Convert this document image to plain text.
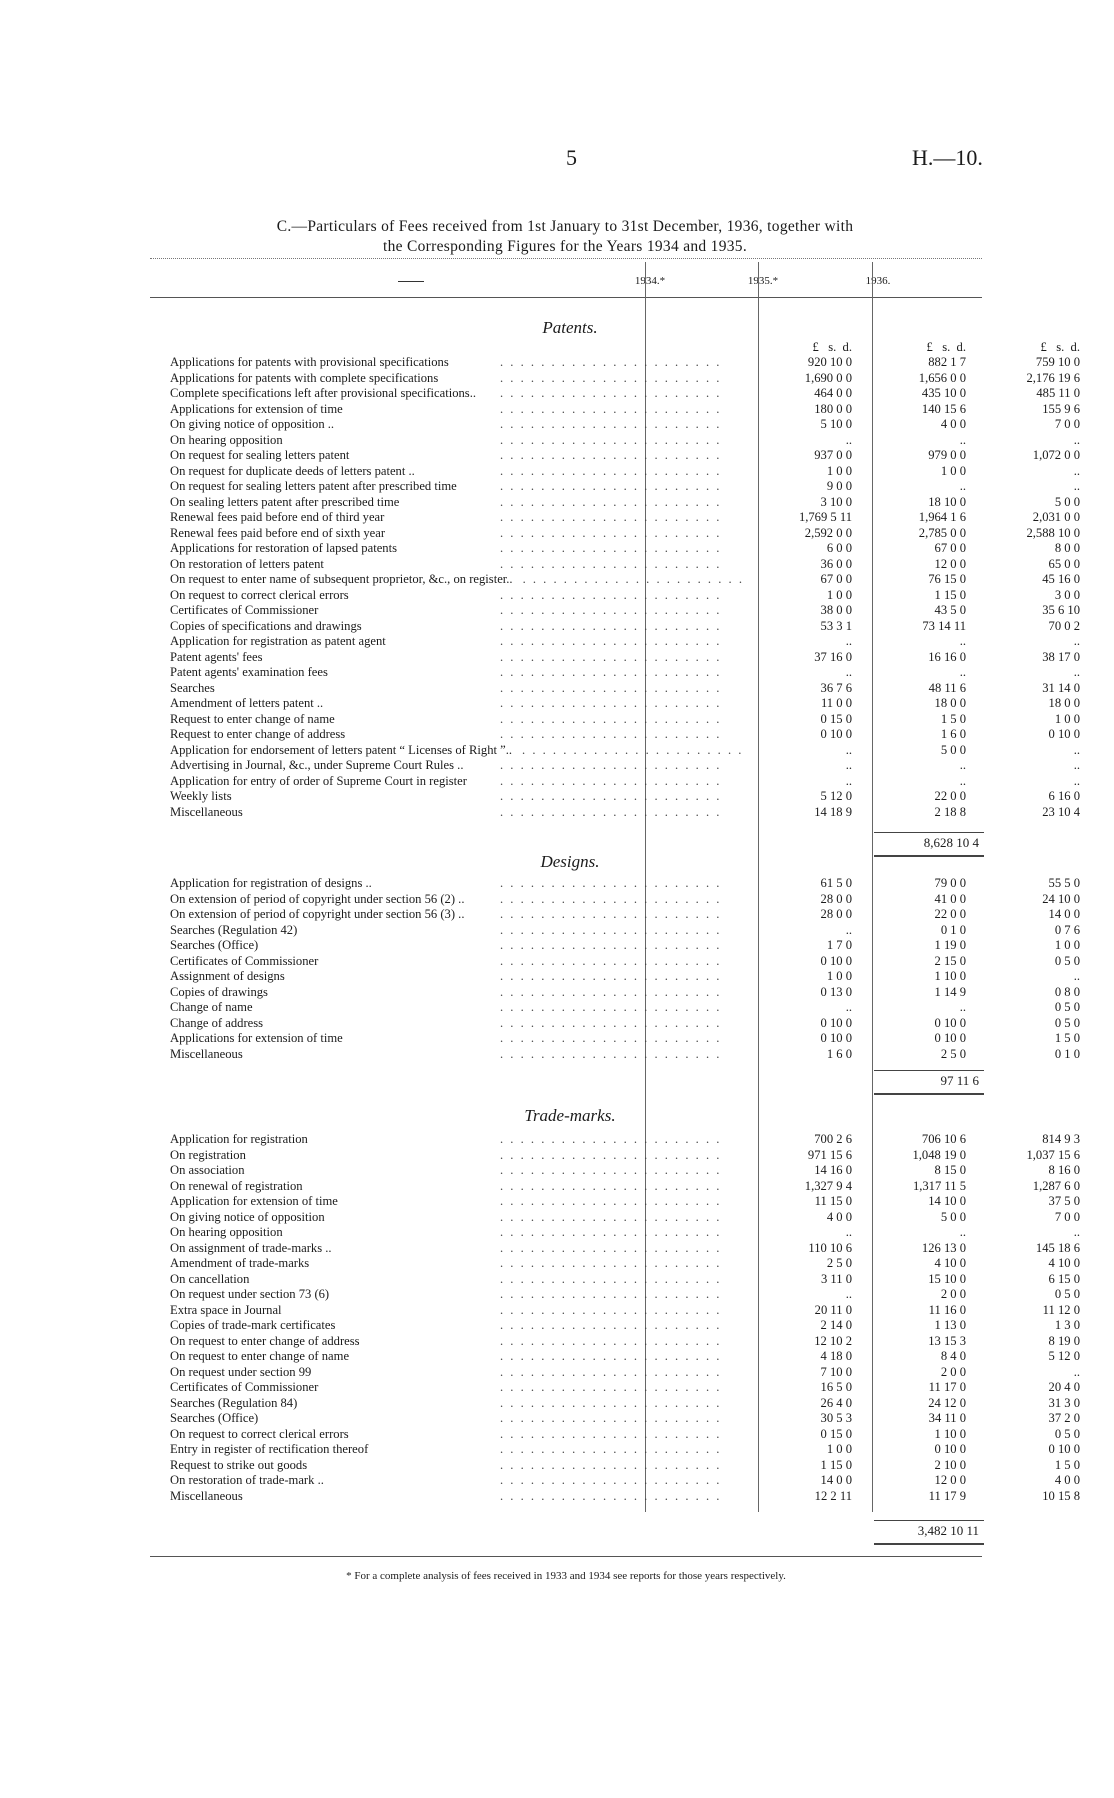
5	H.—10.
C.—Particulars of Fees received from 1st January to 31st December, 1936, together with
the Corresponding Figures for the Years 1934 and 1935.
1934.*	1935.*	1936.
Patents.
£ s. d.	£ s. d.	£ s. d.
Applications for patents with provisional specifications	. . . . . . . . . . . . . . . . . . . . . .	920 10 0	882 1 7	759 10 0
Applications for patents with complete specifications	. . . . . . . . . . . . . . . . . . . . . .	1,690 0 0	1,656 0 0	2,176 19 6
Complete specifications left after provisional specifications.. . . . . . . . . . . . . . . . . . . . . . .	464 0 0	435 10 0	485 11 0
Applications for extension of time	. . . . . . . . . . . . . . . . . . . . . .	180 0 0	140 15 6	155 9 6
On giving notice of opposition ..	. . . . . . . . . . . . . . . . . . . . . .	5 10 0	4 0 0	7 0 0
On hearing opposition	. . . . . . . . . . . . . . . . . . . . . .	..	..	..
On request for sealing letters patent	. . . . . . . . . . . . . . . . . . . . . .	937 0 0	979 0 0	1,072 0 0
On request for duplicate deeds of letters patent ..	. . . . . . . . . . . . . . . . . . . . . .	1 0 0	1 0 0	..
On request for sealing letters patent after prescribed time	. . . . . . . . . . . . . . . . . . . . . .	9 0 0	..	..
On sealing letters patent after prescribed time	. . . . . . . . . . . . . . . . . . . . . .	3 10 0	18 10 0	5 0 0
Renewal fees paid before end of third year	. . . . . . . . . . . . . . . . . . . . . .	1,769 5 11	1,964 1 6	2,031 0 0
Renewal fees paid before end of sixth year	. . . . . . . . . . . . . . . . . . . . . .	2,592 0 0	2,785 0 0	2,588 10 0
Applications for restoration of lapsed patents	. . . . . . . . . . . . . . . . . . . . . .	6 0 0	67 0 0	8 0 0
On restoration of letters patent	. . . . . . . . . . . . . . . . . . . . . .	36 0 0	12 0 0	65 0 0
On request to enter name of subsequent proprietor, &c., on register.. . . . . . . . . . . . . . . . . . . . . . .	67 0 0	76 15 0	45 16 0
On request to correct clerical errors	. . . . . . . . . . . . . . . . . . . . . .	1 0 0	1 15 0	3 0 0
Certificates of Commissioner	. . . . . . . . . . . . . . . . . . . . . .	38 0 0	43 5 0	35 6 10
Copies of specifications and drawings	. . . . . . . . . . . . . . . . . . . . . .	53 3 1	73 14 11	70 0 2
Application for registration as patent agent	. . . . . . . . . . . . . . . . . . . . . .	..	..	..
Patent agents' fees	. . . . . . . . . . . . . . . . . . . . . .	37 16 0	16 16 0	38 17 0
Patent agents' examination fees	. . . . . . . . . . . . . . . . . . . . . .	..	..	..
Searches	. . . . . . . . . . . . . . . . . . . . . .	36 7 6	48 11 6	31 14 0
Amendment of letters patent ..	. . . . . . . . . . . . . . . . . . . . . .	11 0 0	18 0 0	18 0 0
Request to enter change of name	. . . . . . . . . . . . . . . . . . . . . .	0 15 0	1 5 0	1 0 0
Request to enter change of address	. . . . . . . . . . . . . . . . . . . . . .	0 10 0	1 6 0	0 10 0
Application for endorsement of letters patent “ Licenses of Right ”.. . . . . . . . . . . . . . . . . . . . . . .	..	5 0 0	..
Advertising in Journal, &c., under Supreme Court Rules ..	. . . . . . . . . . . . . . . . . . . . . .	..	..	..
Application for entry of order of Supreme Court in register	. . . . . . . . . . . . . . . . . . . . . .	..	..	..
Weekly lists	. . . . . . . . . . . . . . . . . . . . . .	5 12 0	22 0 0	6 16 0
Miscellaneous	. . . . . . . . . . . . . . . . . . . . . .	14 18 9	2 18 8	23 10 4
8,628 10 4
Designs.
Application for registration of designs ..	. . . . . . . . . . . . . . . . . . . . . .	61 5 0	79 0 0	55 5 0
On extension of period of copyright under section 56 (2) ..	. . . . . . . . . . . . . . . . . . . . . .	28 0 0	41 0 0	24 10 0
On extension of period of copyright under section 56 (3) ..	. . . . . . . . . . . . . . . . . . . . . .	28 0 0	22 0 0	14 0 0
Searches (Regulation 42)	. . . . . . . . . . . . . . . . . . . . . .	..	0 1 0	0 7 6
Searches (Office)	. . . . . . . . . . . . . . . . . . . . . .	1 7 0	1 19 0	1 0 0
Certificates of Commissioner	. . . . . . . . . . . . . . . . . . . . . .	0 10 0	2 15 0	0 5 0
Assignment of designs	. . . . . . . . . . . . . . . . . . . . . .	1 0 0	1 10 0	..
Copies of drawings	. . . . . . . . . . . . . . . . . . . . . .	0 13 0	1 14 9	0 8 0
Change of name	. . . . . . . . . . . . . . . . . . . . . .	..	..	0 5 0
Change of address	. . . . . . . . . . . . . . . . . . . . . .	0 10 0	0 10 0	0 5 0
Applications for extension of time	. . . . . . . . . . . . . . . . . . . . . .	0 10 0	0 10 0	1 5 0
Miscellaneous	. . . . . . . . . . . . . . . . . . . . . .	1 6 0	2 5 0	0 1 0
97 11 6
Trade-marks.
Application for registration	. . . . . . . . . . . . . . . . . . . . . .	700 2 6	706 10 6	814 9 3
On registration	. . . . . . . . . . . . . . . . . . . . . .	971 15 6	1,048 19 0	1,037 15 6
On association	. . . . . . . . . . . . . . . . . . . . . .	14 16 0	8 15 0	8 16 0
On renewal of registration	. . . . . . . . . . . . . . . . . . . . . .	1,327 9 4	1,317 11 5	1,287 6 0
Application for extension of time	. . . . . . . . . . . . . . . . . . . . . .	11 15 0	14 10 0	37 5 0
On giving notice of opposition	. . . . . . . . . . . . . . . . . . . . . .	4 0 0	5 0 0	7 0 0
On hearing opposition	. . . . . . . . . . . . . . . . . . . . . .	..	..	..
On assignment of trade-marks ..	. . . . . . . . . . . . . . . . . . . . . .	110 10 6	126 13 0	145 18 6
Amendment of trade-marks	. . . . . . . . . . . . . . . . . . . . . .	2 5 0	4 10 0	4 10 0
On cancellation	. . . . . . . . . . . . . . . . . . . . . .	3 11 0	15 10 0	6 15 0
On request under section 73 (6)	. . . . . . . . . . . . . . . . . . . . . .	..	2 0 0	0 5 0
Extra space in Journal	. . . . . . . . . . . . . . . . . . . . . .	20 11 0	11 16 0	11 12 0
Copies of trade-mark certificates	. . . . . . . . . . . . . . . . . . . . . .	2 14 0	1 13 0	1 3 0
On request to enter change of address	. . . . . . . . . . . . . . . . . . . . . .	12 10 2	13 15 3	8 19 0
On request to enter change of name	. . . . . . . . . . . . . . . . . . . . . .	4 18 0	8 4 0	5 12 0
On request under section 99	. . . . . . . . . . . . . . . . . . . . . .	7 10 0	2 0 0	..
Certificates of Commissioner	. . . . . . . . . . . . . . . . . . . . . .	16 5 0	11 17 0	20 4 0
Searches (Regulation 84)	. . . . . . . . . . . . . . . . . . . . . .	26 4 0	24 12 0	31 3 0
Searches (Office)	. . . . . . . . . . . . . . . . . . . . . .	30 5 3	34 11 0	37 2 0
On request to correct clerical errors	. . . . . . . . . . . . . . . . . . . . . .	0 15 0	1 10 0	0 5 0
Entry in register of rectification thereof	. . . . . . . . . . . . . . . . . . . . . .	1 0 0	0 10 0	0 10 0
Request to strike out goods	. . . . . . . . . . . . . . . . . . . . . .	1 15 0	2 10 0	1 5 0
On restoration of trade-mark ..	. . . . . . . . . . . . . . . . . . . . . .	14 0 0	12 0 0	4 0 0
Miscellaneous	. . . . . . . . . . . . . . . . . . . . . .	12 2 11	11 17 9	10 15 8
3,482 10 11
* For a complete analysis of fees received in 1933 and 1934 see reports for those years respectively.
